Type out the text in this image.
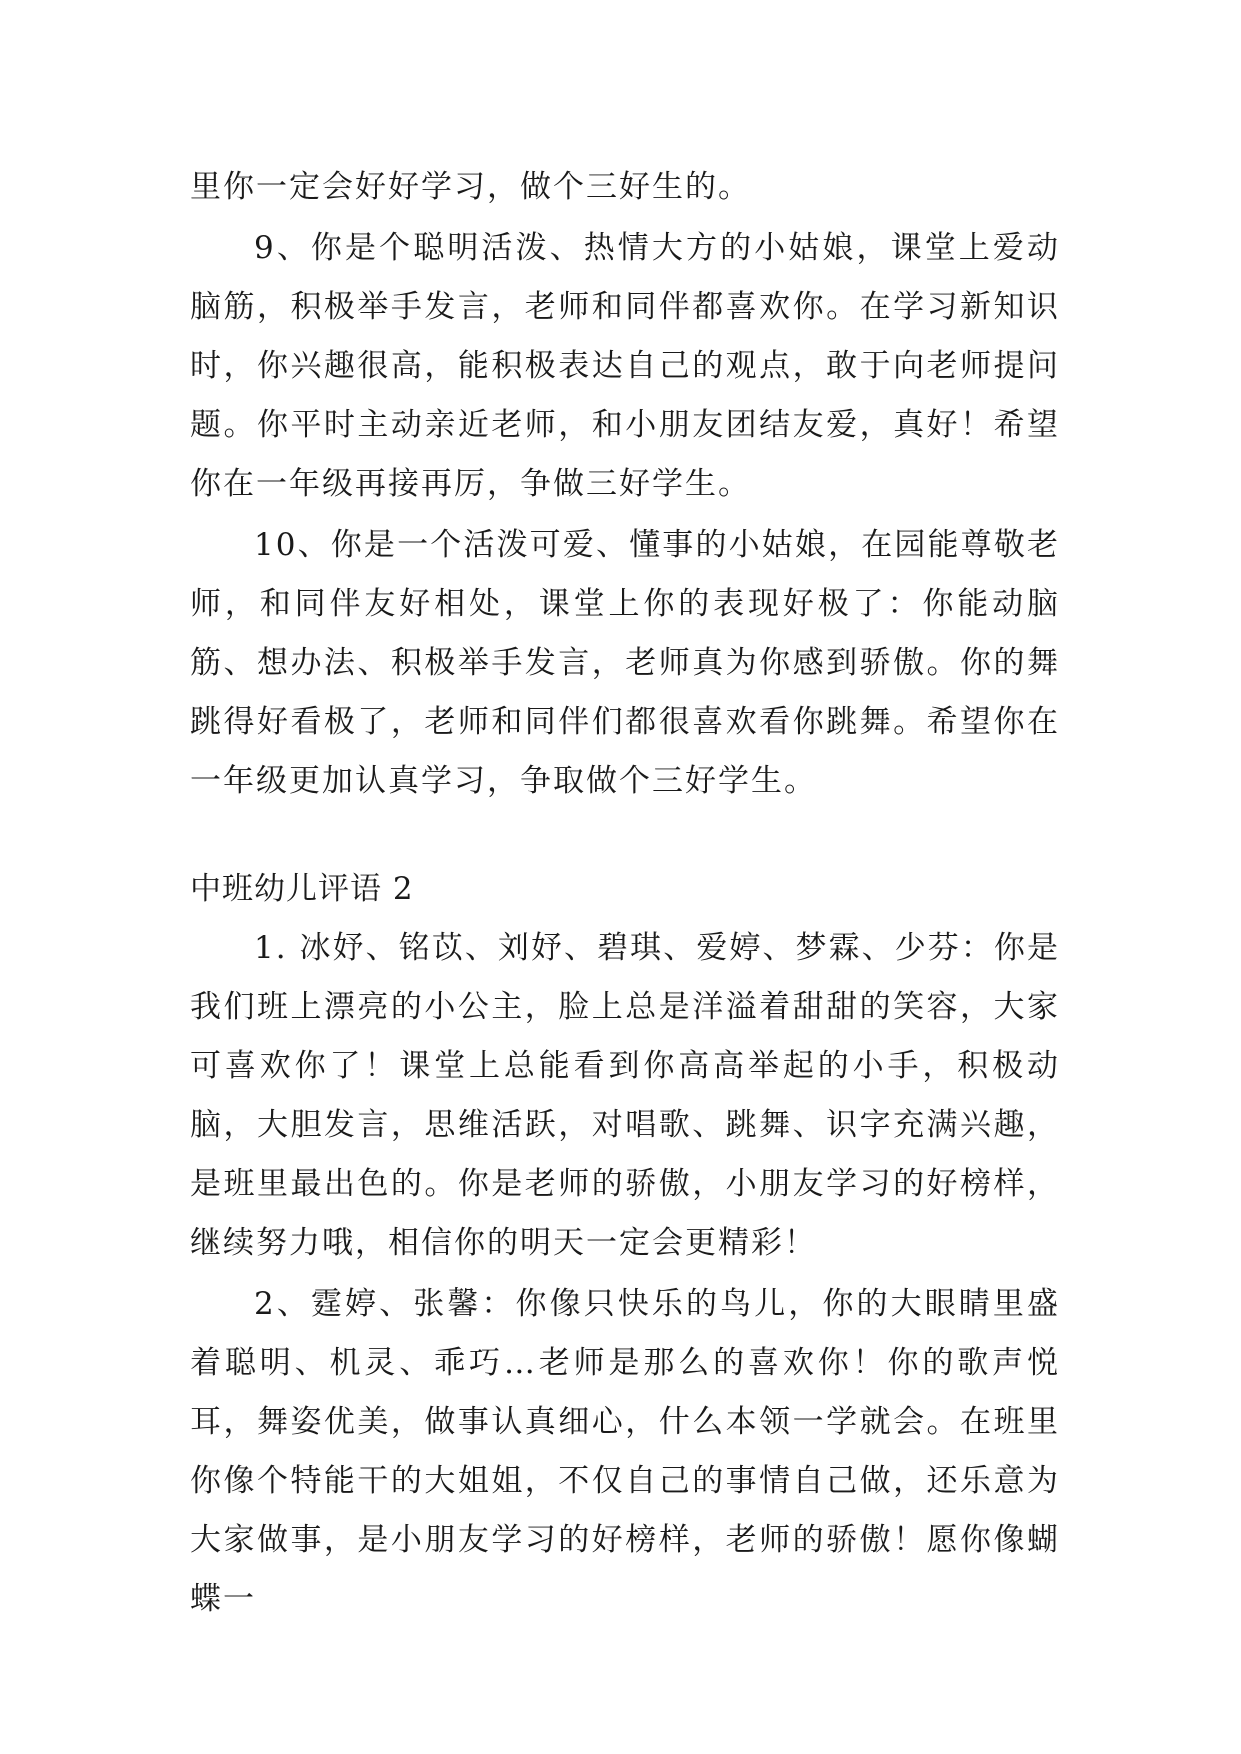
里你一定会好好学习，做个三好生的。

9、你是个聪明活泼、热情大方的小姑娘，课堂上爱动脑筋，积极举手发言，老师和同伴都喜欢你。在学习新知识时，你兴趣很高，能积极表达自己的观点，敢于向老师提问题。你平时主动亲近老师，和小朋友团结友爱，真好！希望你在一年级再接再厉，争做三好学生。

10、你是一个活泼可爱、懂事的小姑娘，在园能尊敬老师，和同伴友好相处，课堂上你的表现好极了：你能动脑筋、想办法、积极举手发言，老师真为你感到骄傲。你的舞跳得好看极了，老师和同伴们都很喜欢看你跳舞。希望你在一年级更加认真学习，争取做个三好学生。

中班幼儿评语 2

1. 冰妤、铭苡、刘妤、碧琪、爱婷、梦霖、少芬：你是我们班上漂亮的小公主，脸上总是洋溢着甜甜的笑容，大家可喜欢你了！课堂上总能看到你高高举起的小手，积极动脑，大胆发言，思维活跃，对唱歌、跳舞、识字充满兴趣，是班里最出色的。你是老师的骄傲，小朋友学习的好榜样，继续努力哦，相信你的明天一定会更精彩！

2、霆婷、张馨：你像只快乐的鸟儿，你的大眼睛里盛着聪明、机灵、乖巧…老师是那么的喜欢你！你的歌声悦耳，舞姿优美，做事认真细心，什么本领一学就会。在班里你像个特能干的大姐姐，不仅自己的事情自己做，还乐意为大家做事，是小朋友学习的好榜样，老师的骄傲！愿你像蝴蝶一
